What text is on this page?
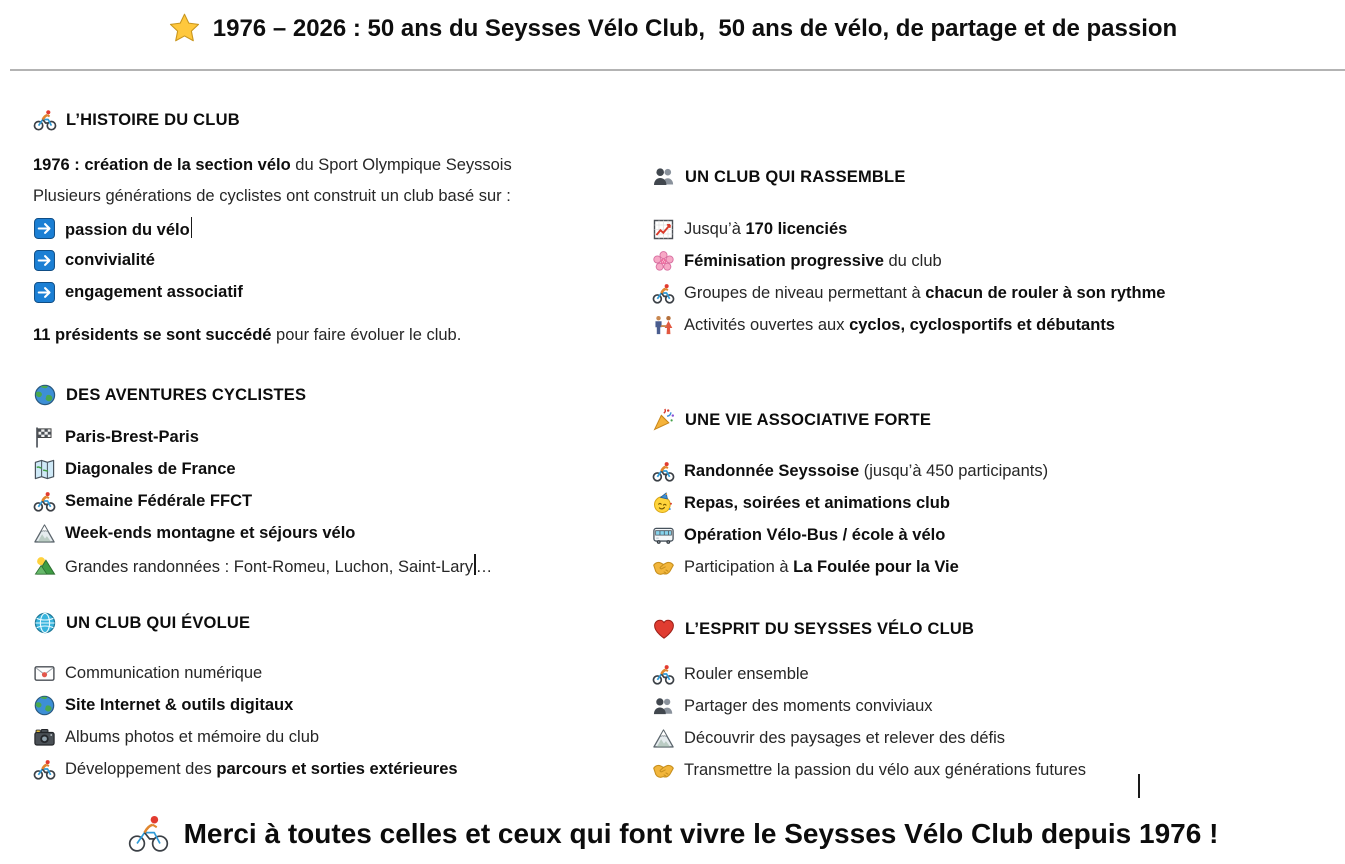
1976 – 2026 : 50 ans du Seysses Vélo Club,  50 ans de vélo, de partage et de passion
L’HISTOIRE DU CLUB
1976 : création de la section vélo du Sport Olympique Seyssois
Plusieurs générations de cyclistes ont construit un club basé sur :
passion du vélo
convivialité
engagement associatif
11 présidents se sont succédé pour faire évoluer le club.
DES AVENTURES CYCLISTES
Paris-Brest-Paris
Diagonales de France
Semaine Fédérale FFCT
Week-ends montagne et séjours vélo
Grandes randonnées : Font-Romeu, Luchon, Saint-Lary …
UN CLUB QUI ÉVOLUE
Communication numérique
Site Internet & outils digitaux
Albums photos et mémoire du club
Développement des parcours et sorties extérieures
UN CLUB QUI RASSEMBLE
Jusqu’à 170 licenciés
Féminisation progressive du club
Groupes de niveau permettant à chacun de rouler à son rythme
Activités ouvertes aux cyclos, cyclosportifs et débutants
UNE VIE ASSOCIATIVE FORTE
Randonnée Seyssoise (jusqu’à 450 participants)
Repas, soirées et animations club
Opération Vélo-Bus / école à vélo
Participation à La Foulée pour la Vie
L’ESPRIT DU SEYSSES VÉLO CLUB
Rouler ensemble
Partager des moments conviviaux
Découvrir des paysages et relever des défis
Transmettre la passion du vélo aux générations futures
Merci à toutes celles et ceux qui font vivre le Seysses Vélo Club depuis 1976 !
